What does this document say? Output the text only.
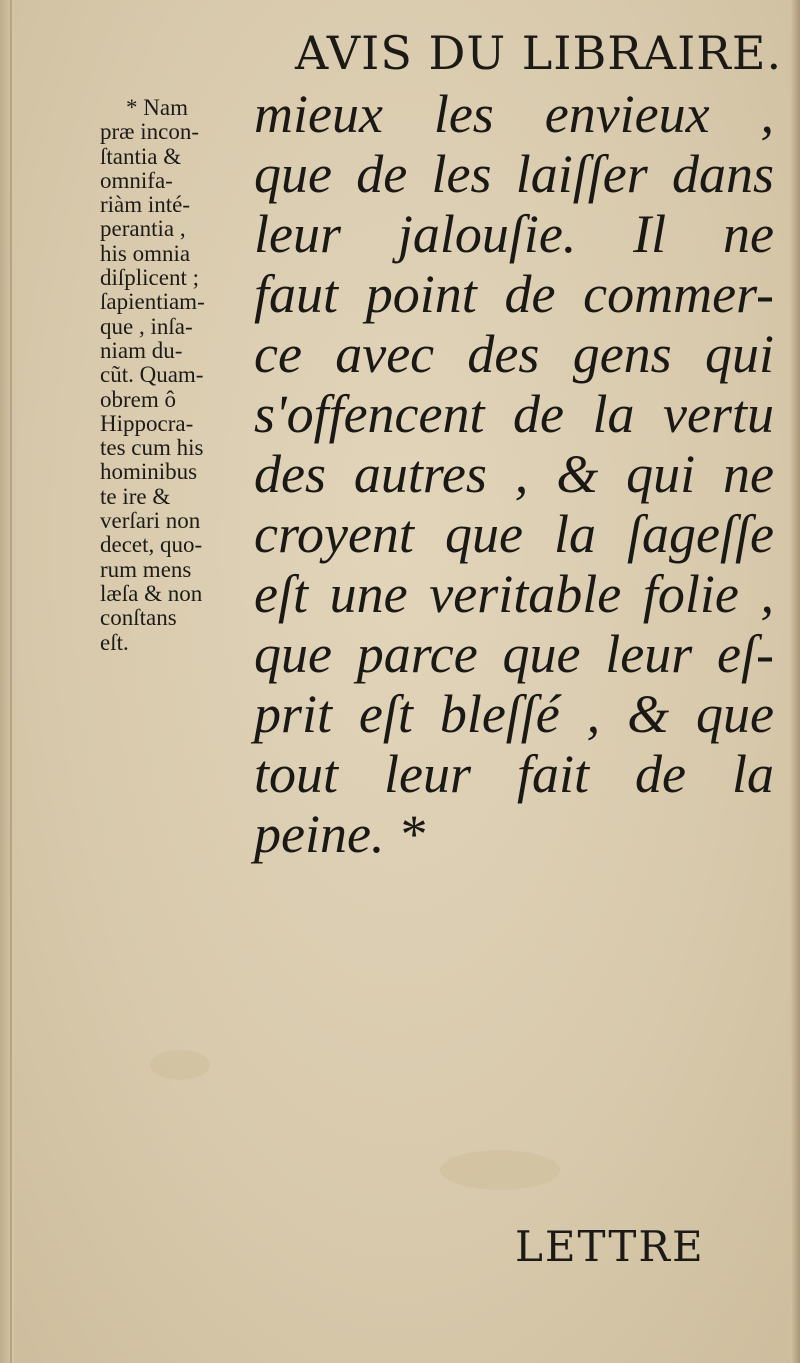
AVIS DU LIBRAIRE.
* Nam
præ incon-
ſtantia &
omnifa-
riàm inté-
perantia ,
his omnia
diſplicent ;
ſapientiam-
que , inſa-
niam du-
cũt. Quam-
obrem ô
Hippocra-
tes cum his
hominibus
te ire &
verſari non
decet, quo-
rum mens
læſa & non
conſtans
eſt.
mieux les envieux ,
que de les laiſſer dans
leur jalouſie. Il ne
faut point de commer-
ce avec des gens qui
s'offencent de la vertu
des autres , & qui ne
croyent que la ſageſſe
eſt une veritable folie ,
que parce que leur eſ-
prit eſt bleſſé , & que
tout leur fait de la
peine. *
LETTRE
